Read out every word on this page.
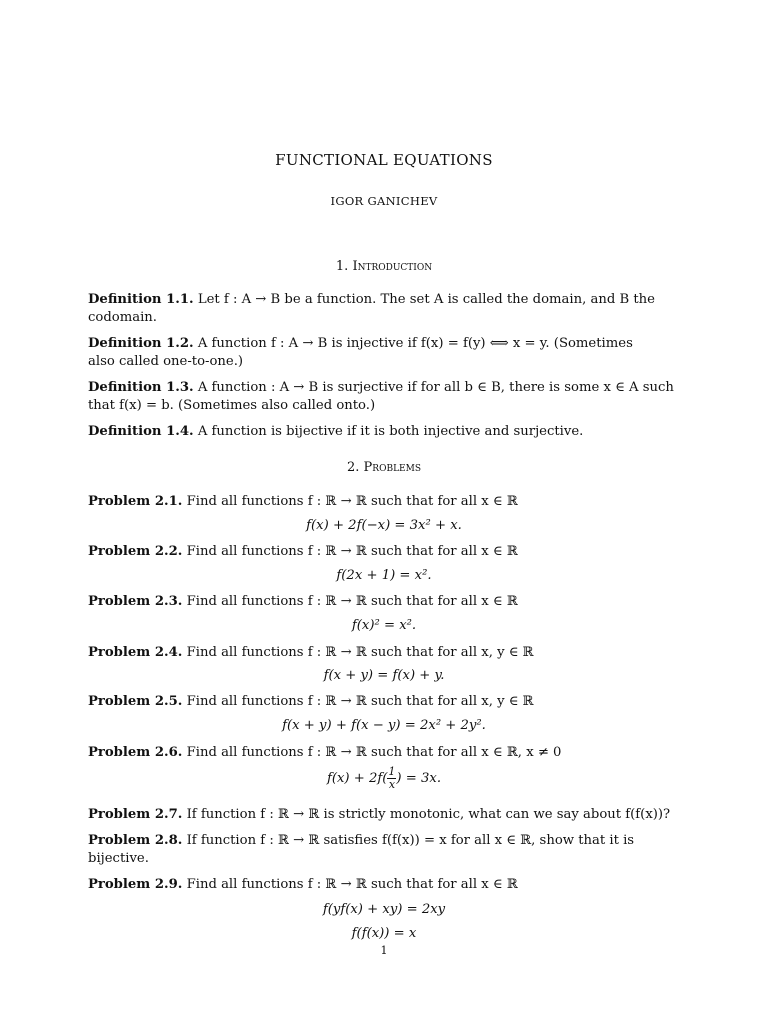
FUNCTIONAL EQUATIONS
IGOR GANICHEV
1. Introduction
Definition 1.1. Let f : A → B be a function. The set A is called the domain, and B the
codomain.
Definition 1.2. A function f : A → B is injective if f(x) = f(y) ⟺ x = y. (Sometimes
also called one-to-one.)
Definition 1.3. A function : A → B is surjective if for all b ∈ B, there is some x ∈ A such
that f(x) = b. (Sometimes also called onto.)
Definition 1.4. A function is bijective if it is both injective and surjective.
2. Problems
Problem 2.1. Find all functions f : ℝ → ℝ such that for all x ∈ ℝ
f(x) + 2f(−x) = 3x² + x.
Problem 2.2. Find all functions f : ℝ → ℝ such that for all x ∈ ℝ
f(2x + 1) = x².
Problem 2.3. Find all functions f : ℝ → ℝ such that for all x ∈ ℝ
f(x)² = x².
Problem 2.4. Find all functions f : ℝ → ℝ such that for all x, y ∈ ℝ
f(x + y) = f(x) + y.
Problem 2.5. Find all functions f : ℝ → ℝ such that for all x, y ∈ ℝ
f(x + y) + f(x − y) = 2x² + 2y².
Problem 2.6. Find all functions f : ℝ → ℝ such that for all x ∈ ℝ, x ≠ 0
$f(x) + 2f( \frac{1}{x}$ ) = 3x.
Problem 2.7. If function f : ℝ → ℝ is strictly monotonic, what can we say about f(f(x))?
Problem 2.8. If function f : ℝ → ℝ satisfies f(f(x)) = x for all x ∈ ℝ, show that it is
bijective.
Problem 2.9. Find all functions f : ℝ → ℝ such that for all x ∈ ℝ
f(yf(x) + xy) = 2xy
f(f(x)) = x
1
